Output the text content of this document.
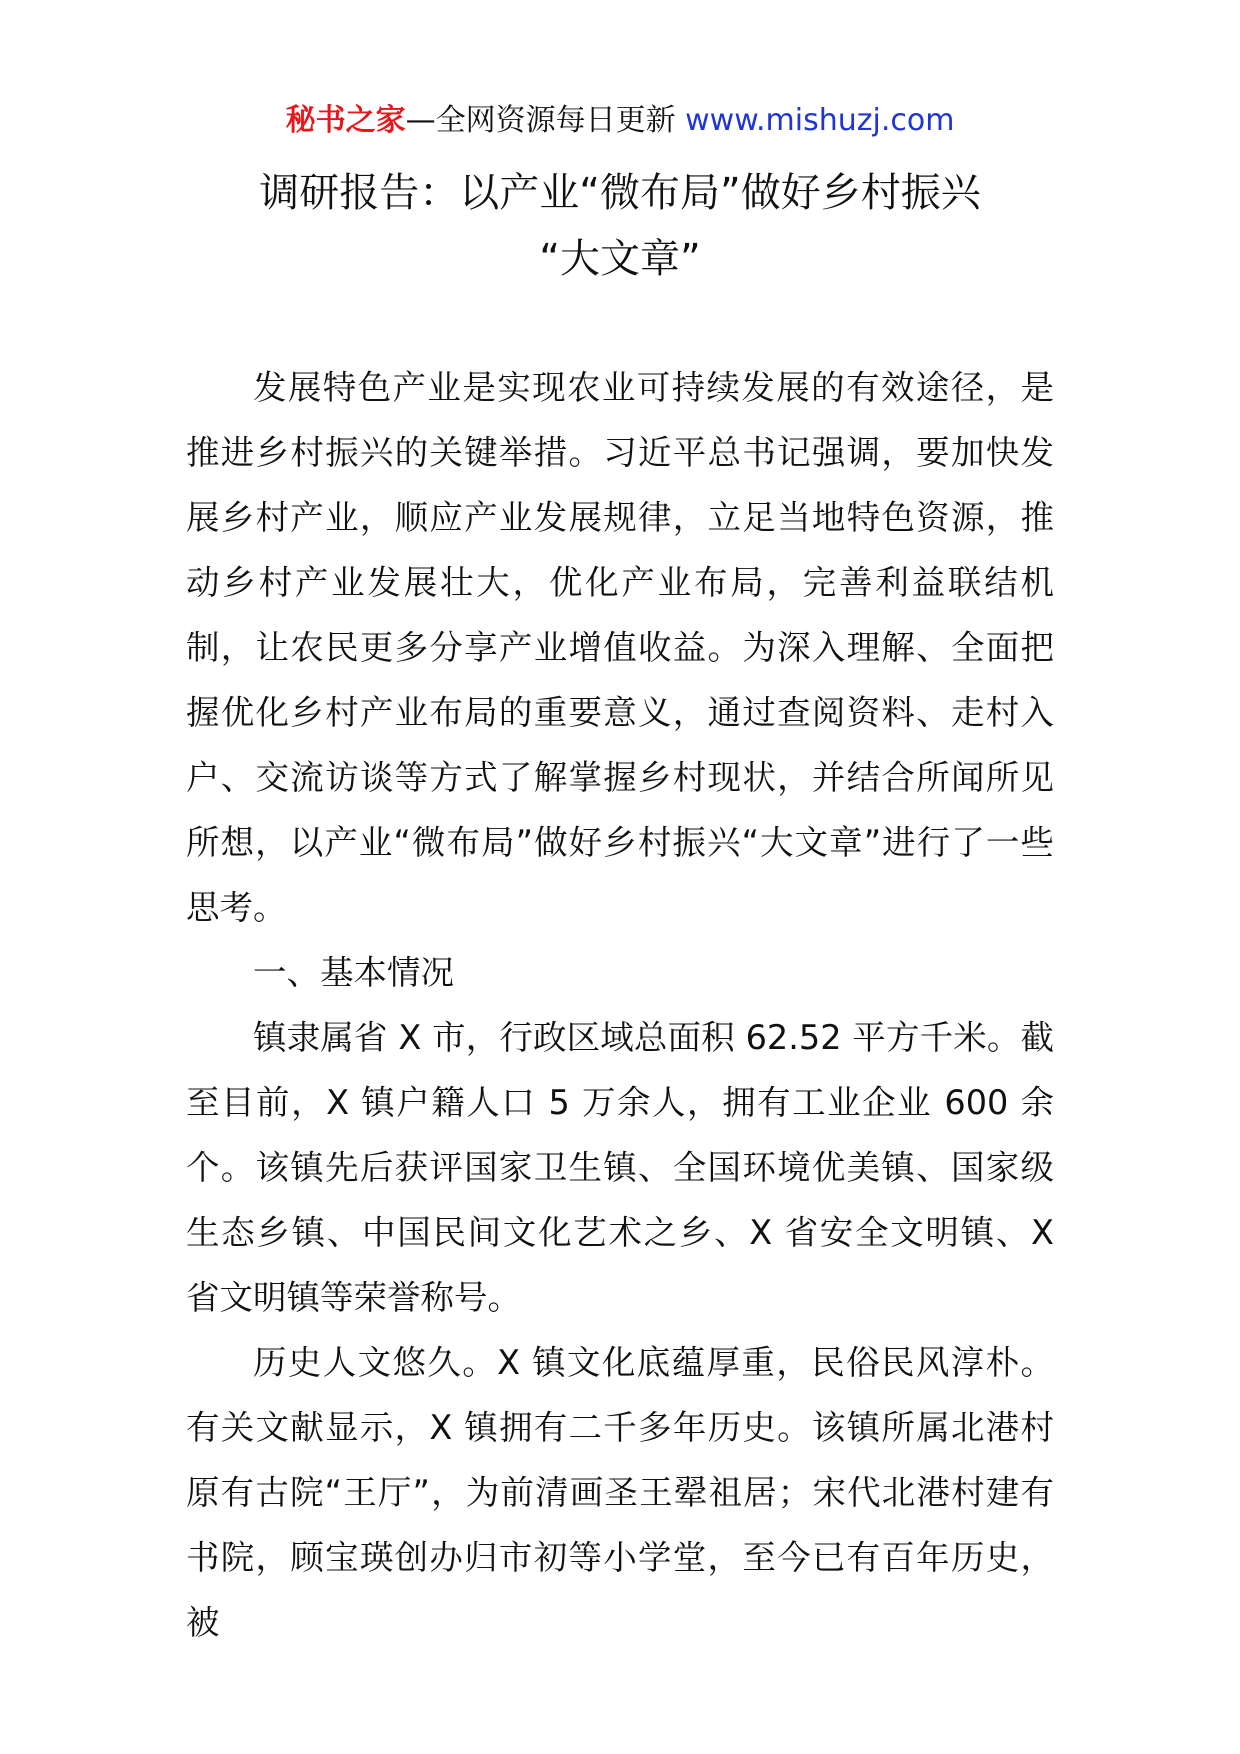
秘书之家—全网资源每日更新 www.mishuzj.com
调研报告：以产业“微布局”做好乡村振兴
“大文章”

发展特色产业是实现农业可持续发展的有效途径，是推进乡村振兴的关键举措。习近平总书记强调，要加快发展乡村产业，顺应产业发展规律，立足当地特色资源，推动乡村产业发展壮大，优化产业布局，完善利益联结机制，让农民更多分享产业增值收益。为深入理解、全面把握优化乡村产业布局的重要意义，通过查阅资料、走村入户、交流访谈等方式了解掌握乡村现状，并结合所闻所见所想，以产业“微布局”做好乡村振兴“大文章”进行了一些思考。

一、基本情况

镇隶属省 X 市，行政区域总面积 62.52 平方千米。截至目前，X 镇户籍人口 5 万余人，拥有工业企业 600 余个。该镇先后获评国家卫生镇、全国环境优美镇、国家级生态乡镇、中国民间文化艺术之乡、X 省安全文明镇、X 省文明镇等荣誉称号。

历史人文悠久。X 镇文化底蕴厚重，民俗民风淳朴。有关文献显示，X 镇拥有二千多年历史。该镇所属北港村原有古院“王厅”，为前清画圣王翚祖居；宋代北港村建有书院，顾宝瑛创办归市初等小学堂，至今已有百年历史，被
